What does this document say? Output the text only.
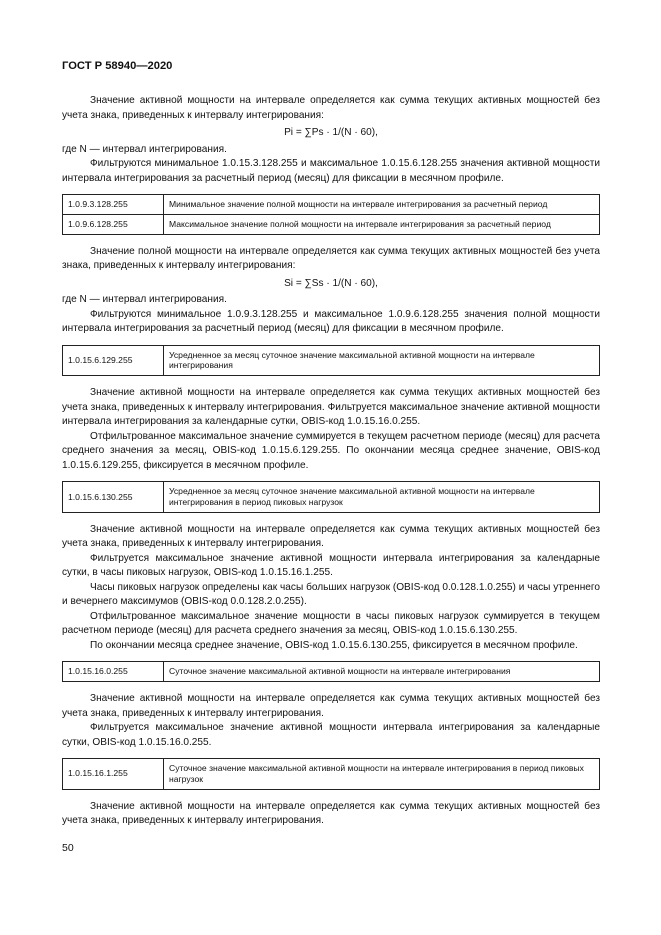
ГОСТ Р 58940—2020

Значение активной мощности на интервале определяется как сумма текущих активных мощностей без учета знака, приведенных к интервалу интегрирования:

Pi = ∑Ps · 1/(N · 60),

где N — интервал интегрирования.

Фильтруются минимальное 1.0.15.3.128.255 и максимальное 1.0.15.6.128.255 значения активной мощности интервала интегрирования за расчетный период (месяц) для фиксации в месячном профиле.

1.0.9.3.128.255	Минимальное значение полной мощности на интервале интегрирования за расчетный период
1.0.9.6.128.255	Максимальное значение полной мощности на интервале интегрирования за расчетный период

Значение полной мощности на интервале определяется как сумма текущих активных мощностей без учета знака, приведенных к интервалу интегрирования:

Si = ∑Ss · 1/(N · 60),

где N — интервал интегрирования.

Фильтруются минимальное 1.0.9.3.128.255 и максимальное 1.0.9.6.128.255 значения полной мощности интервала интегрирования за расчетный период (месяц) для фиксации в месячном профиле.

1.0.15.6.129.255	Усредненное за месяц суточное значение максимальной активной мощности на интервале интегрирования

Значение активной мощности на интервале определяется как сумма текущих активных мощностей без учета знака, приведенных к интервалу интегрирования. Фильтруется максимальное значение активной мощности интервала интегрирования за календарные сутки, OBIS-код 1.0.15.16.0.255.

Отфильтрованное максимальное значение суммируется в текущем расчетном периоде (месяц) для расчета среднего значения за месяц, OBIS-код 1.0.15.6.129.255. По окончании месяца среднее значение, OBIS-код 1.0.15.6.129.255, фиксируется в месячном профиле.

1.0.15.6.130.255	Усредненное за месяц суточное значение максимальной активной мощности на интервале интегрирования в период пиковых нагрузок

Значение активной мощности на интервале определяется как сумма текущих активных мощностей без учета знака, приведенных к интервалу интегрирования.

Фильтруется максимальное значение активной мощности интервала интегрирования за календарные сутки, в часы пиковых нагрузок, OBIS-код 1.0.15.16.1.255.

Часы пиковых нагрузок определены как часы больших нагрузок (OBIS-код 0.0.128.1.0.255) и часы утреннего и вечернего максимумов (OBIS-код 0.0.128.2.0.255).

Отфильтрованное максимальное значение мощности в часы пиковых нагрузок суммируется в текущем расчетном периоде (месяц) для расчета среднего значения за месяц, OBIS-код 1.0.15.6.130.255.

По окончании месяца среднее значение, OBIS-код 1.0.15.6.130.255, фиксируется в месячном профиле.

1.0.15.16.0.255	Суточное значение максимальной активной мощности на интервале интегрирования

Значение активной мощности на интервале определяется как сумма текущих активных мощностей без учета знака, приведенных к интервалу интегрирования.

Фильтруется максимальное значение активной мощности интервала интегрирования за календарные сутки, OBIS-код 1.0.15.16.0.255.

1.0.15.16.1.255	Суточное значение максимальной активной мощности на интервале интегрирования в период пиковых нагрузок

Значение активной мощности на интервале определяется как сумма текущих активных мощностей без учета знака, приведенных к интервалу интегрирования.

50
